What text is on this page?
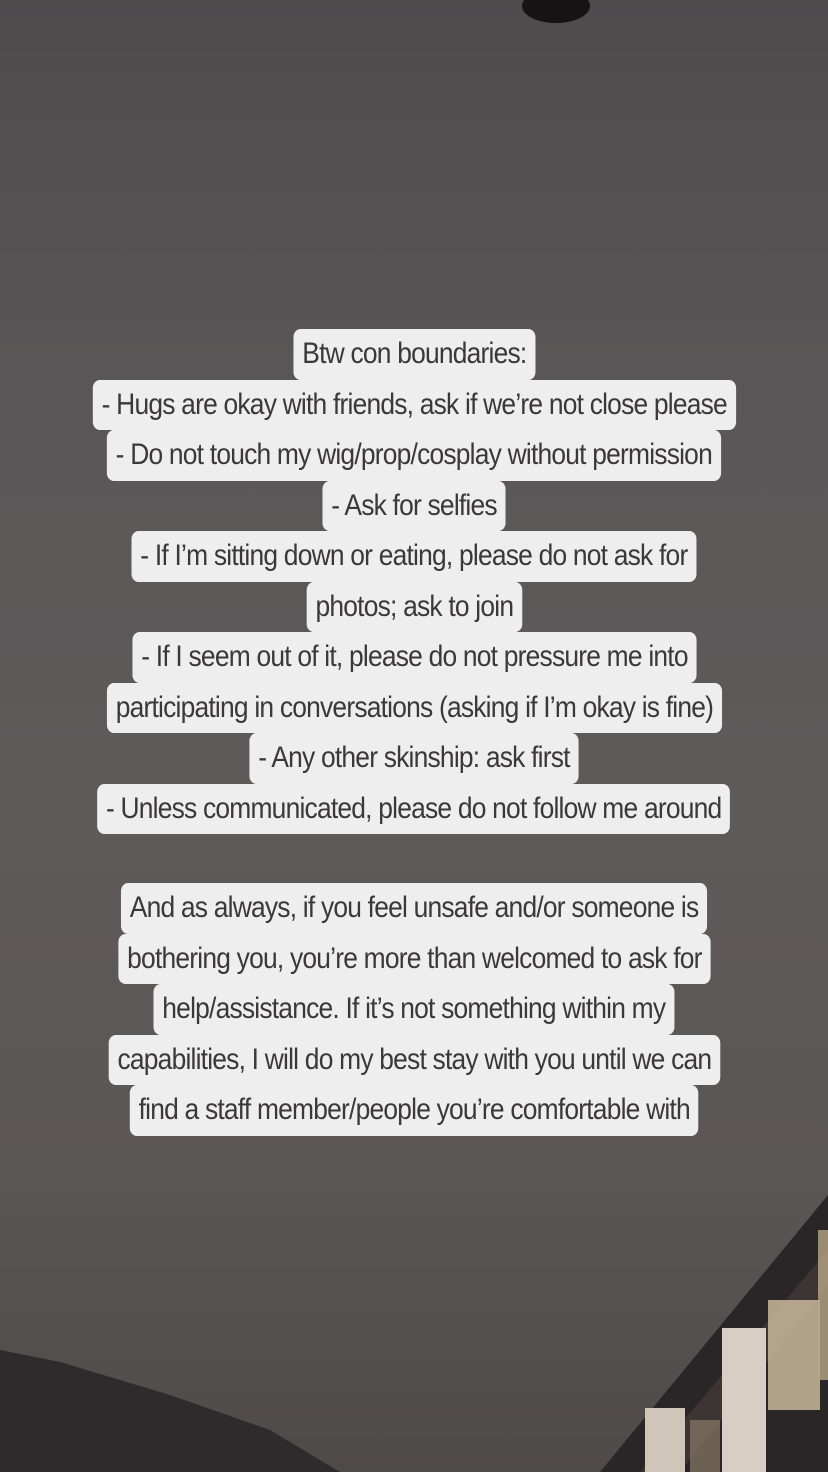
Btw con boundaries:
- Hugs are okay with friends, ask if we’re not close please
- Do not touch my wig/prop/cosplay without permission
- Ask for selfies
- If I’m sitting down or eating, please do not ask for
photos; ask to join
- If I seem out of it, please do not pressure me into
participating in conversations (asking if I’m okay is fine)
- Any other skinship: ask first
- Unless communicated, please do not follow me around
And as always, if you feel unsafe and/or someone is
bothering you, you’re more than welcomed to ask for
help/assistance. If it’s not something within my
capabilities, I will do my best stay with you until we can
find a staff member/people you’re comfortable with
